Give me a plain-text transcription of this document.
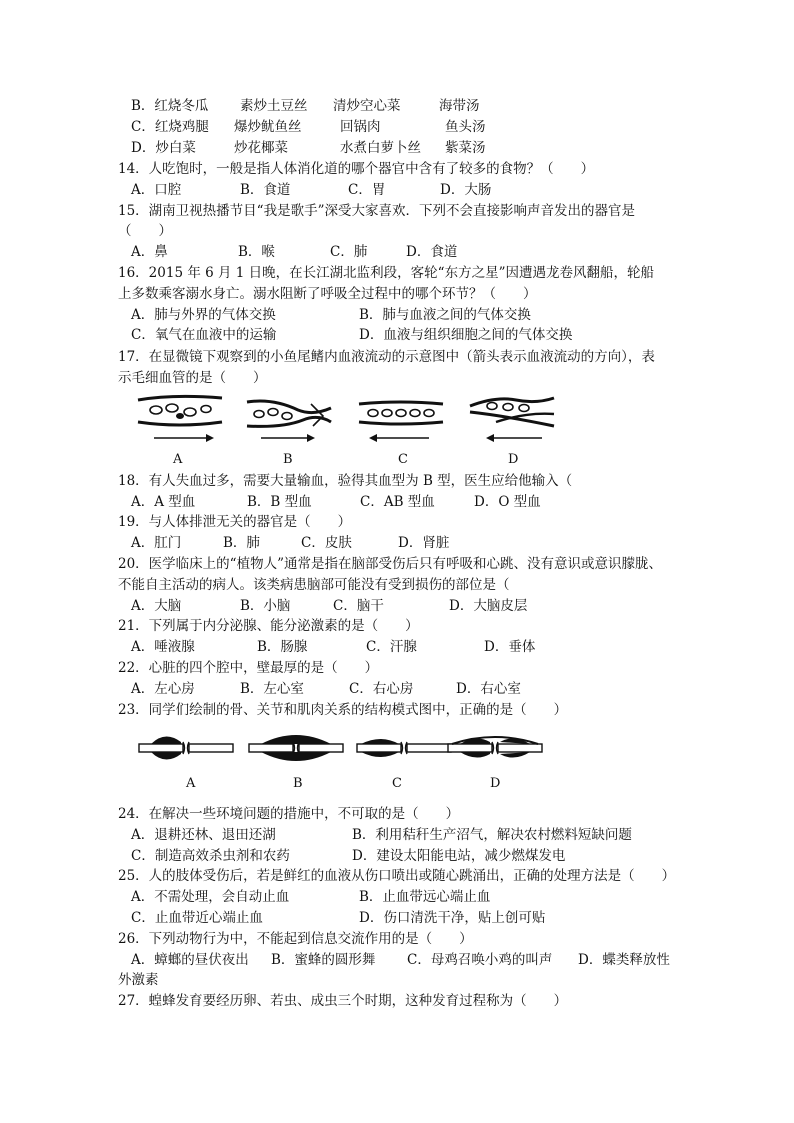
B．红烧冬瓜 素炒土豆丝 清炒空心菜	海带汤
C．红烧鸡腿 爆炒鱿鱼丝	回锅肉	鱼头汤
D．炒白菜	炒花椰菜	水煮白萝卜丝 紫菜汤
14．人吃饱时，一般是指人体消化道的哪个器官中含有了较多的食物？（　　）
A．口腔	B．食道	C．胃	D．大肠
15．湖南卫视热播节目“我是歌手”深受大家喜欢．下列不会直接影响声音发出的器官是
（　　）
A．鼻	B．喉	C．肺	D．食道
16．2015 年 6 月 1 日晚，在长江湖北监利段，客轮“东方之星”因遭遇龙卷风翻船，轮船
上多数乘客溺水身亡。溺水阻断了呼吸全过程中的哪个环节？（　　）
A．肺与外界的气体交换	B．肺与血液之间的气体交换
C．氧气在血液中的运输	D．血液与组织细胞之间的气体交换
17．在显微镜下观察到的小鱼尾鳍内血液流动的示意图中（箭头表示血液流动的方向），表
示毛细血管的是（　　）
A	B	C	D
18．有人失血过多，需要大量输血，验得其血型为 B 型，医生应给他输入（
A．A 型血	B．B 型血	C．AB 型血	D．O 型血
19．与人体排泄无关的器官是（　　）
A．肛门	B．肺	C．皮肤	D．肾脏
20．医学临床上的“植物人”通常是指在脑部受伤后只有呼吸和心跳、没有意识或意识朦胧、
不能自主活动的病人。该类病患脑部可能没有受到损伤的部位是（
A．大脑	B．小脑	C．脑干	D．大脑皮层
21．下列属于内分泌腺、能分泌激素的是（　　）
A．唾液腺	B．肠腺	C．汗腺	D．垂体
22．心脏的四个腔中，壁最厚的是（　　）
A．左心房	B．左心室	C．右心房	D．右心室
23．同学们绘制的骨、关节和肌肉关系的结构模式图中，正确的是（　　）
A	B	C	D
24．在解决一些环境问题的措施中，不可取的是（　　）
A．退耕还林、退田还湖	B．利用秸秆生产沼气，解决农村燃料短缺问题
C．制造高效杀虫剂和农药	D．建设太阳能电站，减少燃煤发电
25．人的肢体受伤后，若是鲜红的血液从伤口喷出或随心跳涌出，正确的处理方法是（　　）
A．不需处理，会自动止血	B．止血带远心端止血
C．止血带近心端止血	D．伤口清洗干净，贴上创可贴
26．下列动物行为中，不能起到信息交流作用的是（　　）
A．蟑螂的昼伏夜出 B．蜜蜂的圆形舞 C．母鸡召唤小鸡的叫声 D．蝶类释放性
外激素
27．蝗蜂发育要经历卵、若虫、成虫三个时期，这种发育过程称为（　　）
